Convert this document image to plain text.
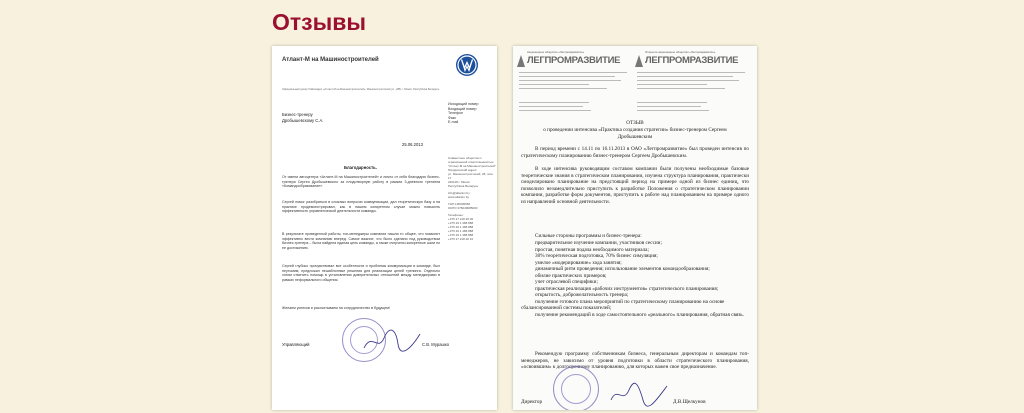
Отзывы
Атлант-М на Машиностроителей
Официальный дилер Volkswagen «Атлант-М на Машиностроителей», Машиностроителей ул., 28Б, г. Минск, Республика Беларусь
Бизнес-тренеру
Дробышевскому С.А.
25.06.2013
Исходящий номер
Входящий номер
Телефон
Факс
E-mail
Совместное общество с ограниченной ответственностью
"Атлант-М на Машиностроителей"
Юридический адрес:
ул. Машиностроителей, 28, пом. 17
220118 г. Минск
Республика Беларусь
info@atlantm.by
www.atlantm.by
УНП 190609566
ОКПО 378249985000
Телефоны:
+375 17 218 20 00
+375 29 1 488 888
+375 29 1 488 888
+375 29 1 488 888
+375 29 1 488 888
+375 17 218 20 10
Благодарность.
От имени автоцентра «Атлант-М на Машиностроителей» и лично от себя благодарю бизнес-тренера Сергея Дробышевского за плодотворную работу в рамках 3-дневного тренинга «Командообразование».
Сергей помог разобраться в сложных вопросах коммуникации, дал теоретическую базу и на практике продемонстрировал, как в нашем конкретном случае можно повысить эффективность управленческой деятельности команды.
В результате проведенной работы, топ-менеджеры компании нашли то общее, что позволит эффективно вести компанию вперед. Самое важное, что было сделано под руководством бизнес-тренера – была найдена единая цель команды, а также очерчены конкретные шаги по ее достижению.
Сергей глубоко прочувствовал все особенности и проблемы коммуникации в команде, был неутомим, предложил нешаблонные решения для реализации целей тренинга. Отдельно хотим отметить помощь в установлении доверительных отношений между менеджерами в рамках неформального общения.
Желаем успехов и рассчитываем на сотрудничество в будущем!
Управляющий	С.В. Мурашко
Акционерное общество «Легпромразвитие»	Открытое акционерное общество «Легпромразвитие»
ЛЕГПРОМРАЗВИТИЕ	ЛЕГПРОМРАЗВИТИЕ
ОТЗЫВ
о проведении интенсива «Практика создания стратегии» бизнес-тренером Сергеем Дробышевским
В период времени с 14.11 по 16.11.2013 в ОАО «Легпромразвитие» был проведен интенсив по стратегическому планированию бизнес-тренером Сергеем Дробышевским.
В ходе интенсива руководящим составом компании были получены необходимые базовые теоретические знания в стратегическом планировании, изучена структура планирования, практически смоделировано планирование на предстоящий период на примере одной из бизнес единиц, что позволило незамедлительно приступить к разработке Положения о стратегическом планировании компании, разработке форм документов, приступить к работе над планированием на примере одного из направлений основной деятельности.
Сильные стороны программы и бизнес-тренера:
предварительное изучение компании, участников сессии;
простая, понятная подача необходимого материала;
30% теоретическая подготовка, 70% бизнес симуляция;
умелое «модерирование» хода занятия;
динамичный ритм проведения; использование элементов командообразования;
обилие практических примеров;
учет отраслевой специфики;
практическая реализация «рабочих инструментов» стратегического планирования;
открытость, доброжелательность тренера;
получение готового плана мероприятий по стратегическому планированию на основе сбалансированной системы показателей;
получение рекомендаций в ходе самостоятельного «реального» планирования, обратная связь.
Рекомендую программу собственникам бизнеса, генеральным директорам и командам топ-менеджеров, не зависимо от уровня подготовки в области стратегического планирования, «освоившим» к долгосрочному планированию, для которых важен свое предназначение.
Директор	Д.В.Щелкунов
